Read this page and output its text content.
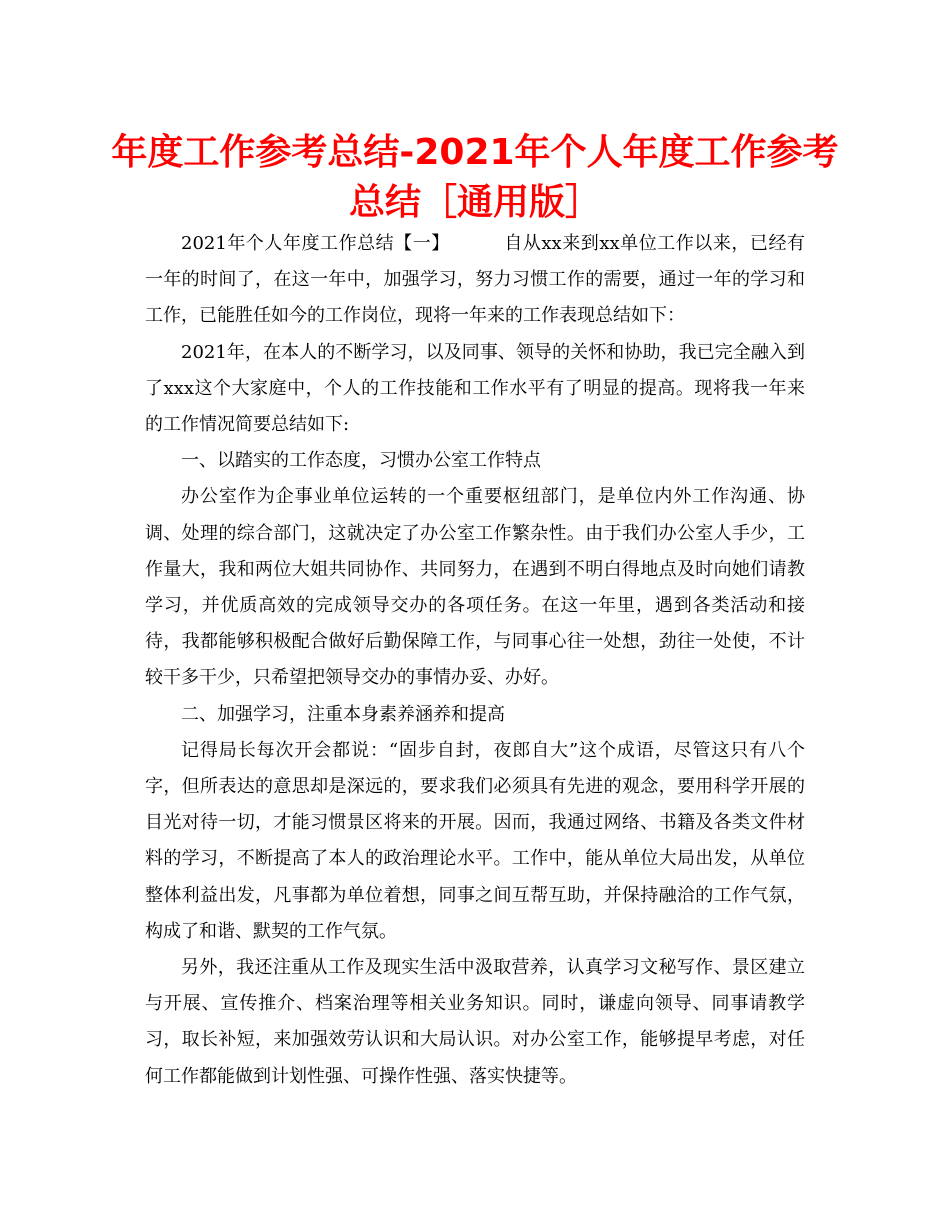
年度工作参考总结-2021年个人年度工作参考总结［通用版］

2021年个人年度工作总结【一】	自从xx来到xx单位工作以来，已经有一年的时间了，在这一年中，加强学习，努力习惯工作的需要，通过一年的学习和工作，已能胜任如今的工作岗位，现将一年来的工作表现总结如下：

2021年，在本人的不断学习，以及同事、领导的关怀和协助，我已完全融入到了xxx这个大家庭中，个人的工作技能和工作水平有了明显的提高。现将我一年来的工作情况简要总结如下:

一、以踏实的工作态度，习惯办公室工作特点

办公室作为企事业单位运转的一个重要枢纽部门，是单位内外工作沟通、协调、处理的综合部门，这就决定了办公室工作繁杂性。由于我们办公室人手少，工作量大，我和两位大姐共同协作、共同努力，在遇到不明白得地点及时向她们请教学习，并优质高效的完成领导交办的各项任务。在这一年里，遇到各类活动和接待，我都能够积极配合做好后勤保障工作，与同事心往一处想，劲往一处使，不计较干多干少，只希望把领导交办的事情办妥、办好。

二、加强学习，注重本身素养涵养和提高

记得局长每次开会都说：“固步自封，夜郎自大”这个成语，尽管这只有八个字，但所表达的意思却是深远的，要求我们必须具有先进的观念，要用科学开展的目光对待一切，才能习惯景区将来的开展。因而，我通过网络、书籍及各类文件材料的学习，不断提高了本人的政治理论水平。工作中，能从单位大局出发，从单位整体利益出发，凡事都为单位着想，同事之间互帮互助，并保持融洽的工作气氛，构成了和谐、默契的工作气氛。

另外，我还注重从工作及现实生活中汲取营养，认真学习文秘写作、景区建立与开展、宣传推介、档案治理等相关业务知识。同时，谦虚向领导、同事请教学习，取长补短，来加强效劳认识和大局认识。对办公室工作，能够提早考虑，对任何工作都能做到计划性强、可操作性强、落实快捷等。
